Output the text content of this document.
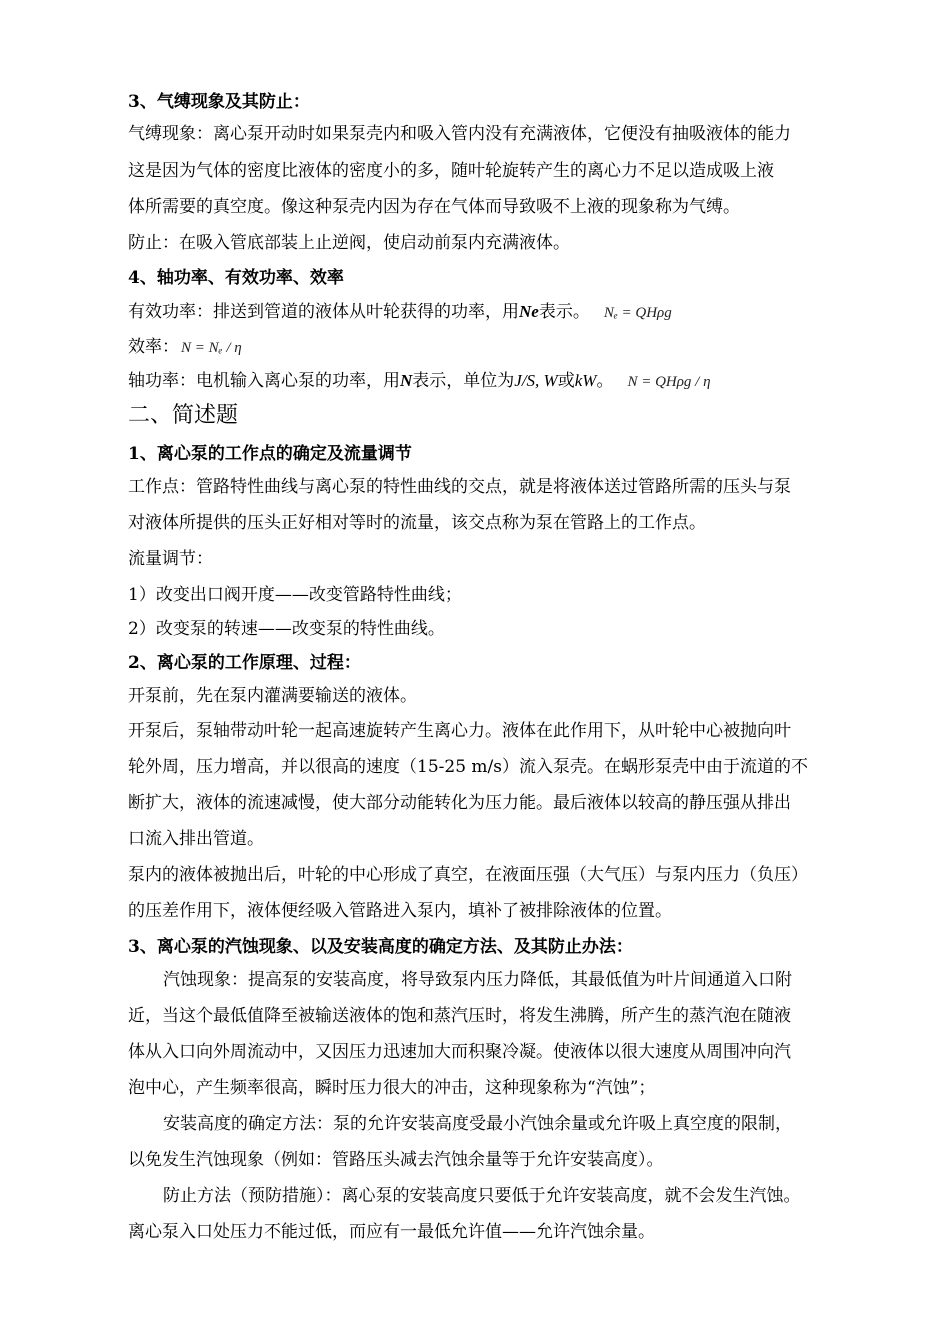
3、气缚现象及其防止：
气缚现象：离心泵开动时如果泵壳内和吸入管内没有充满液体，它便没有抽吸液体的能力
这是因为气体的密度比液体的密度小的多，随叶轮旋转产生的离心力不足以造成吸上液
体所需要的真空度。像这种泵壳内因为存在气体而导致吸不上液的现象称为气缚。
防止：在吸入管底部装上止逆阀，使启动前泵内充满液体。
4、轴功率、有效功率、效率
有效功率：排送到管道的液体从叶轮获得的功率，用Ne表示。 Nₑ = QHρg
效率： N = Nₑ / η
轴功率：电机输入离心泵的功率，用N表示，单位为J/S, W或kW。 N = QHρg / η
二、简述题
1、离心泵的工作点的确定及流量调节
工作点：管路特性曲线与离心泵的特性曲线的交点，就是将液体送过管路所需的压头与泵
对液体所提供的压头正好相对等时的流量，该交点称为泵在管路上的工作点。
流量调节：
1）改变出口阀开度——改变管路特性曲线；
2）改变泵的转速——改变泵的特性曲线。
2、离心泵的工作原理、过程：
开泵前，先在泵内灌满要输送的液体。
开泵后，泵轴带动叶轮一起高速旋转产生离心力。液体在此作用下，从叶轮中心被抛向叶
轮外周，压力增高，并以很高的速度（15-25 m/s）流入泵壳。在蜗形泵壳中由于流道的不
断扩大，液体的流速减慢，使大部分动能转化为压力能。最后液体以较高的静压强从排出
口流入排出管道。
泵内的液体被抛出后，叶轮的中心形成了真空，在液面压强（大气压）与泵内压力（负压）
的压差作用下，液体便经吸入管路进入泵内，填补了被排除液体的位置。
3、离心泵的汽蚀现象、以及安装高度的确定方法、及其防止办法：
汽蚀现象：提高泵的安装高度，将导致泵内压力降低，其最低值为叶片间通道入口附
近，当这个最低值降至被输送液体的饱和蒸汽压时，将发生沸腾，所产生的蒸汽泡在随液
体从入口向外周流动中，又因压力迅速加大而积聚冷凝。使液体以很大速度从周围冲向汽
泡中心，产生频率很高，瞬时压力很大的冲击，这种现象称为“汽蚀”；
安装高度的确定方法：泵的允许安装高度受最小汽蚀余量或允许吸上真空度的限制，
以免发生汽蚀现象（例如：管路压头减去汽蚀余量等于允许安装高度）。
防止方法（预防措施）：离心泵的安装高度只要低于允许安装高度，就不会发生汽蚀。
离心泵入口处压力不能过低，而应有一最低允许值——允许汽蚀余量。
